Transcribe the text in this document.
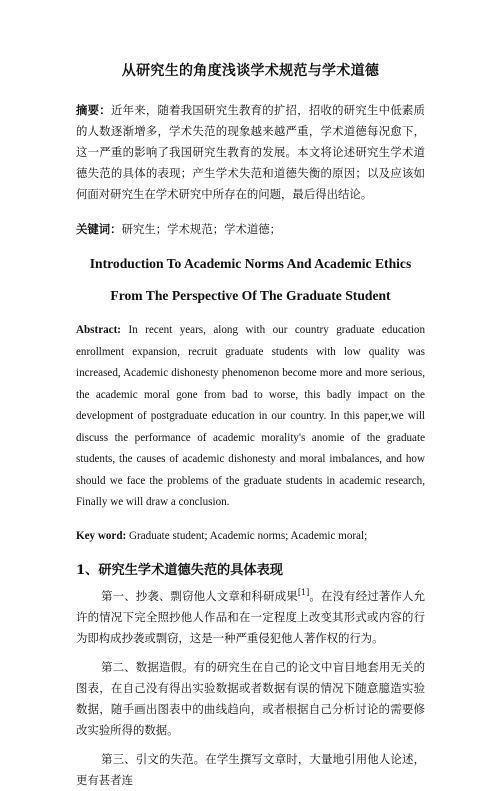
从研究生的角度浅谈学术规范与学术道德

摘要：近年来，随着我国研究生教育的扩招，招收的研究生中低素质的人数逐渐增多，学术失范的现象越来越严重，学术道德每况愈下，这一严重的影响了我国研究生教育的发展。本文将论述研究生学术道德失范的具体的表现；产生学术失范和道德失衡的原因；以及应该如何面对研究生在学术研究中所存在的问题，最后得出结论。

关键词：研究生；学术规范；学术道德；

Introduction To Academic Norms And Academic Ethics
From The Perspective Of The Graduate Student

Abstract: In recent years, along with our country graduate education enrollment expansion, recruit graduate students with low quality was increased, Academic dishonesty phenomenon become more and more serious, the academic moral gone from bad to worse, this badly impact on the development of postgraduate education in our country. In this paper,we will discuss the performance of academic morality's anomie of the graduate students, the causes of academic dishonesty and moral imbalances, and how should we face the problems of the graduate students in academic research, Finally we will draw a conclusion.

Key word: Graduate student; Academic norms; Academic moral;

1、研究生学术道德失范的具体表现

第一、抄袭、剽窃他人文章和科研成果[1]。在没有经过著作人允许的情况下完全照抄他人作品和在一定程度上改变其形式或内容的行为即构成抄袭或剽窃，这是一种严重侵犯他人著作权的行为。

第二、数据造假。有的研究生在自己的论文中盲目地套用无关的图表，在自己没有得出实验数据或者数据有误的情况下随意臆造实验数据，随手画出图表中的曲线趋向，或者根据自己分析讨论的需要修改实验所得的数据。

第三、引文的失范。在学生撰写文章时，大量地引用他人论述，更有甚者连
